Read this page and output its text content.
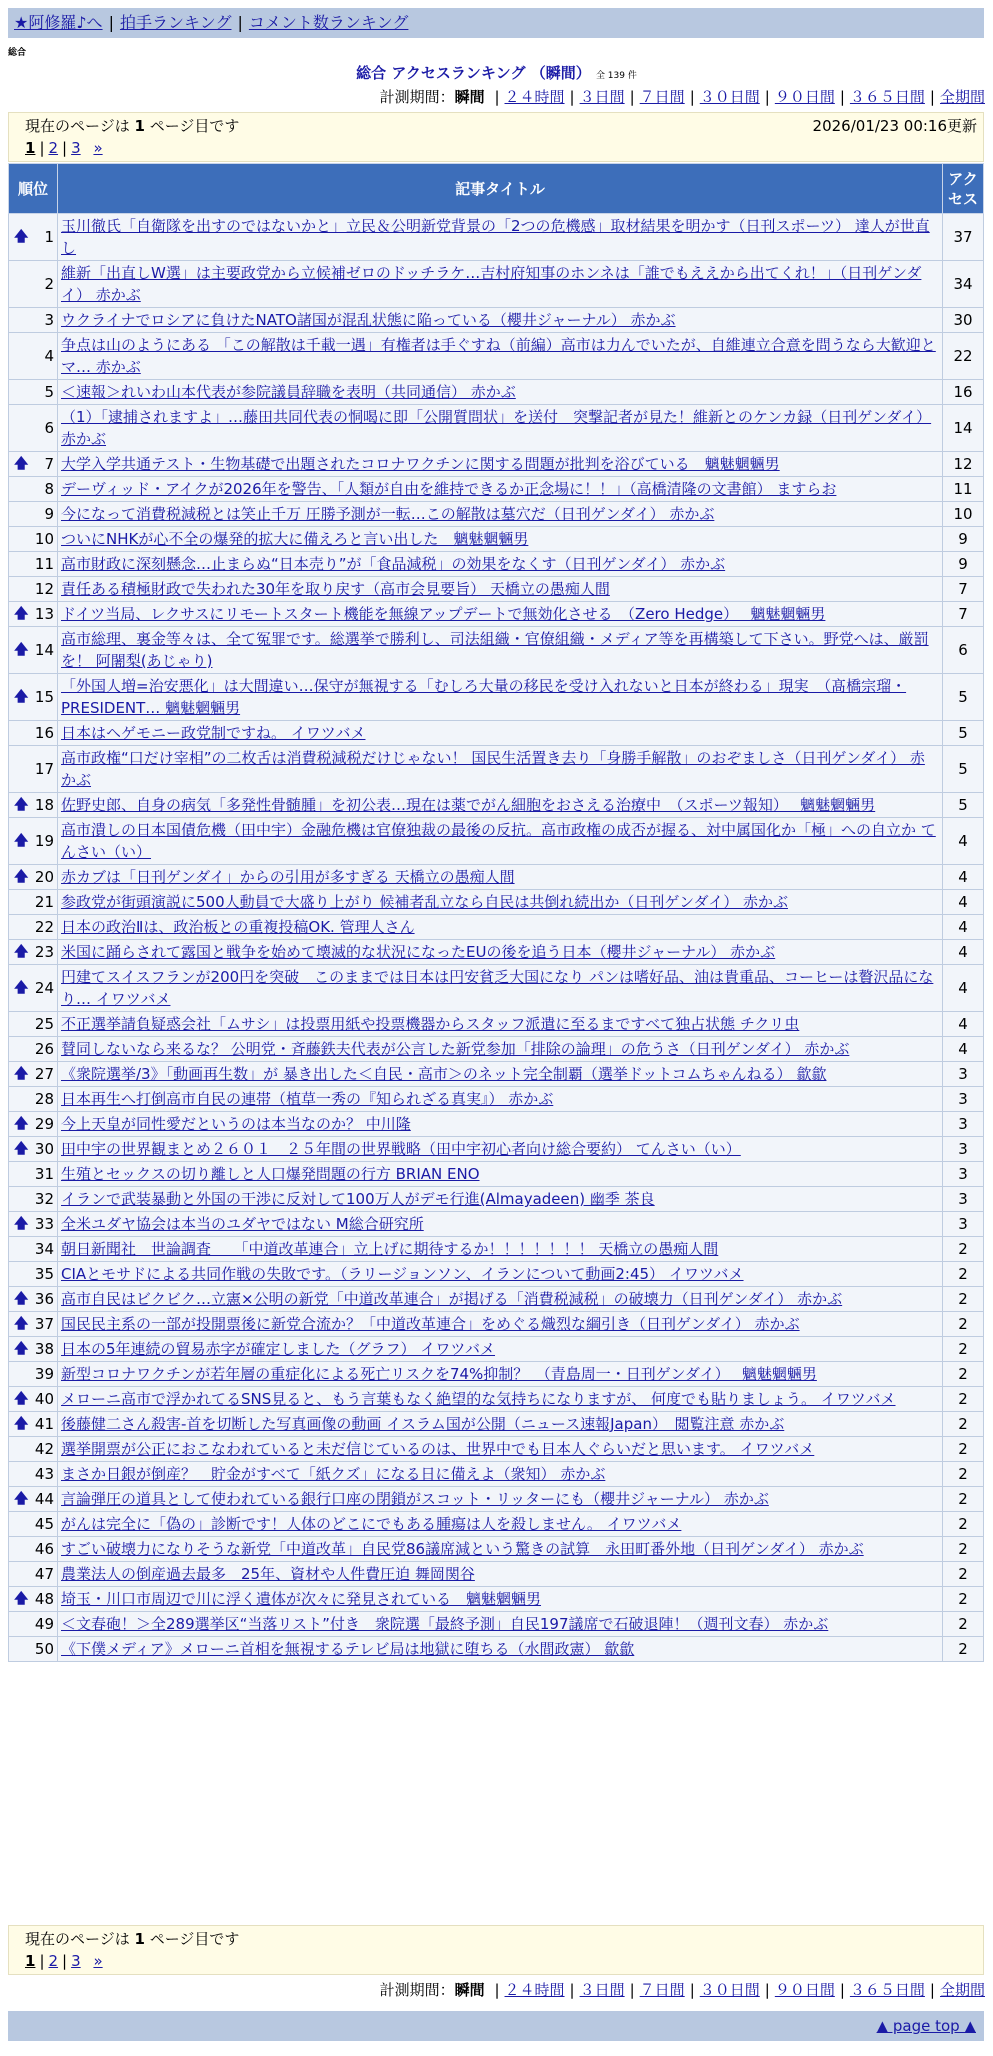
★阿修羅♪へ | 拍手ランキング | コメント数ランキング
総合
総合 アクセスランキング （瞬間） 全 139 件
計測期間：瞬間 | ２４時間 | ３日間 | ７日間 | ３０日間 | ９０日間 | ３６５日間 | 全期間
現在のページは 1 ページ目です	2026/01/23 00:16更新
1 | 2 | 3 »
順位	記事タイトル	アクセス

🡅 1	玉川徹氏「自衛隊を出すのではないかと」立民＆公明新党背景の「2つの危機感」取材結果を明かす（日刊スポーツ） 達人が世直し	37
2	維新「出直しW選」は主要政党から立候補ゼロのドッチラケ…吉村府知事のホンネは「誰でもええから出てくれ！」（日刊ゲンダイ） 赤かぶ	34
3	ウクライナでロシアに負けたNATO諸国が混乱状態に陥っている（櫻井ジャーナル） 赤かぶ	30
4	争点は山のようにある 「この解散は千載一遇」有権者は手ぐすね（前編）高市は力んでいたが、自維連立合意を問うなら大歓迎とマ… 赤かぶ	22
5	＜速報＞れいわ山本代表が参院議員辞職を表明（共同通信） 赤かぶ	16
6	（1）「逮捕されますよ」…藤田共同代表の恫喝に即「公開質問状」を送付　突撃記者が見た！維新とのケンカ録（日刊ゲンダイ） 赤かぶ	14

🡅 7	大学入学共通テスト・生物基礎で出題されたコロナワクチンに関する問題が批判を浴びている　魑魅魍魎男	12
8	デーヴィッド・アイクが2026年を警告、「人類が自由を維持できるか正念場に！！」（高橋清隆の文書館） ますらお	11
9	今になって消費税減税とは笑止千万 圧勝予測が一転…この解散は墓穴だ（日刊ゲンダイ） 赤かぶ	10
10	ついにNHKが心不全の爆発的拡大に備えろと言い出した　魑魅魍魎男	9
11	高市財政に深刻懸念…止まらぬ“日本売り”が「食品減税」の効果をなくす（日刊ゲンダイ） 赤かぶ	9
12	責任ある積極財政で失われた30年を取り戻す（高市会見要旨） 天橋立の愚痴人間	7

🡅 13	ドイツ当局、レクサスにリモートスタート機能を無線アップデートで無効化させる　（Zero Hedge）　 魑魅魍魎男	7

🡅 14	高市総理、裏金等々は、全て冤罪です。総選挙で勝利し、司法組織・官僚組織・メディア等を再構築して下さい。野党へは、厳罰を！ 阿闍梨(あじゃり)	6

🡅 15	「外国人増=治安悪化」は大間違い…保守が無視する「むしろ大量の移民を受け入れないと日本が終わる」現実　（髙橋宗瑠・PRESIDENT… 魑魅魍魎男	5
16	日本はヘゲモニー政党制ですね。 イワツバメ	5
17	高市政権“口だけ宰相”の二枚舌は消費税減税だけじゃない！ 国民生活置き去り「身勝手解散」のおぞましさ（日刊ゲンダイ） 赤かぶ	5

🡅 18	佐野史郎、自身の病気「多発性骨髄腫」を初公表…現在は薬でがん細胞をおさえる治療中　（スポーツ報知）　 魑魅魍魎男	5

🡅 19	高市潰しの日本国債危機（田中宇）金融危機は官僚独裁の最後の反抗。高市政権の成否が握る、対中属国化か「極」への自立か てんさい（い）	4

🡅 20	赤カブは「日刊ゲンダイ」からの引用が多すぎる 天橋立の愚痴人間	4
21	参政党が街頭演説に500人動員で大盛り上がり 候補者乱立なら自民は共倒れ続出か（日刊ゲンダイ） 赤かぶ	4
22	日本の政治Ⅱは、政治板との重複投稿OK. 管理人さん	4

🡅 23	米国に踊らされて露国と戦争を始めて壊滅的な状況になったEUの後を追う日本（櫻井ジャーナル） 赤かぶ	4

🡅 24	円建てスイスフランが200円を突破　このままでは日本は円安貧乏大国になり パンは嗜好品、油は貴重品、コーヒーは贅沢品になり… イワツバメ	4
25	不正選挙請負疑惑会社「ムサシ」は投票用紙や投票機器からスタッフ派遣に至るまですべて独占状態 チクリ虫	4
26	賛同しないなら来るな？ 公明党・斉藤鉄夫代表が公言した新党参加「排除の論理」の危うさ（日刊ゲンダイ） 赤かぶ	4

🡅 27	《衆院選挙/3》「動画再生数」が 暴き出した＜自民・高市＞のネット完全制覇（選挙ドットコムちゃんねる） 歙歙	3
28	日本再生へ打倒高市自民の連帯（植草一秀の『知られざる真実』） 赤かぶ	3

🡅 29	今上天皇が同性愛だというのは本当なのか？ 中川隆	3

🡅 30	田中宇の世界観まとめ２６０１　２５年間の世界戦略（田中宇初心者向け総合要約） てんさい（い）	3
31	生殖とセックスの切り離しと人口爆発問題の行方 BRIAN ENO	3
32	イランで武装暴動と外国の干渉に反対して100万人がデモ行進(Almayadeen) 幽季 茶良	3

🡅 33	全米ユダヤ協会は本当のユダヤではない M総合研究所	3
34	朝日新聞社　世論調査　　「中道改革連合」立上げに期待するか！！！！！！！ 天橋立の愚痴人間	2
35	CIAとモサドによる共同作戦の失敗です。（ラリージョンソン、イランについて動画2:45） イワツバメ	2

🡅 36	高市自民はビクビク…立憲×公明の新党「中道改革連合」が掲げる「消費税減税」の破壊力（日刊ゲンダイ） 赤かぶ	2

🡅 37	国民民主系の一部が投開票後に新党合流か？「中道改革連合」をめぐる熾烈な綱引き（日刊ゲンダイ） 赤かぶ	2

🡅 38	日本の5年連続の貿易赤字が確定しました（グラフ） イワツバメ	2
39	新型コロナワクチンが若年層の重症化による死亡リスクを74%抑制？　（青島周一・日刊ゲンダイ）　 魑魅魍魎男	2

🡅 40	メローニ高市で浮かれてるSNS見ると、もう言葉もなく絶望的な気持ちになりますが、 何度でも貼りましょう。 イワツバメ	2

🡅 41	後藤健二さん殺害-首を切断した写真画像の動画 イスラム国が公開（ニュース速報Japan）　閲覧注意 赤かぶ	2
42	選挙開票が公正におこなわれていると未だ信じているのは、世界中でも日本人ぐらいだと思います。 イワツバメ	2
43	まさか日銀が倒産？　貯金がすべて「紙クズ」になる日に備えよ（衆知） 赤かぶ	2

🡅 44	言論弾圧の道具として使われている銀行口座の閉鎖がスコット・リッターにも（櫻井ジャーナル） 赤かぶ	2
45	がんは完全に「偽の」診断です！人体のどこにでもある腫瘍は人を殺しません。 イワツバメ	2
46	すごい破壊力になりそうな新党「中道改革」自民党86議席減という驚きの試算　永田町番外地（日刊ゲンダイ） 赤かぶ	2
47	農業法人の倒産過去最多　25年、資材や人件費圧迫 舞岡関谷	2

🡅 48	埼玉・川口市周辺で川に浮く遺体が次々に発見されている　魑魅魍魎男	2
49	＜文春砲！＞全289選挙区“当落リスト”付き　衆院選「最終予測」自民197議席で石破退陣！（週刊文春） 赤かぶ	2
50	《下僕メディア》メローニ首相を無視するテレビ局は地獄に堕ちる（水間政憲） 歙歙	2
現在のページは 1 ページ目です
1 | 2 | 3 »
計測期間：瞬間 | ２４時間 | ３日間 | ７日間 | ３０日間 | ９０日間 | ３６５日間 | 全期間
▲ page top ▲
